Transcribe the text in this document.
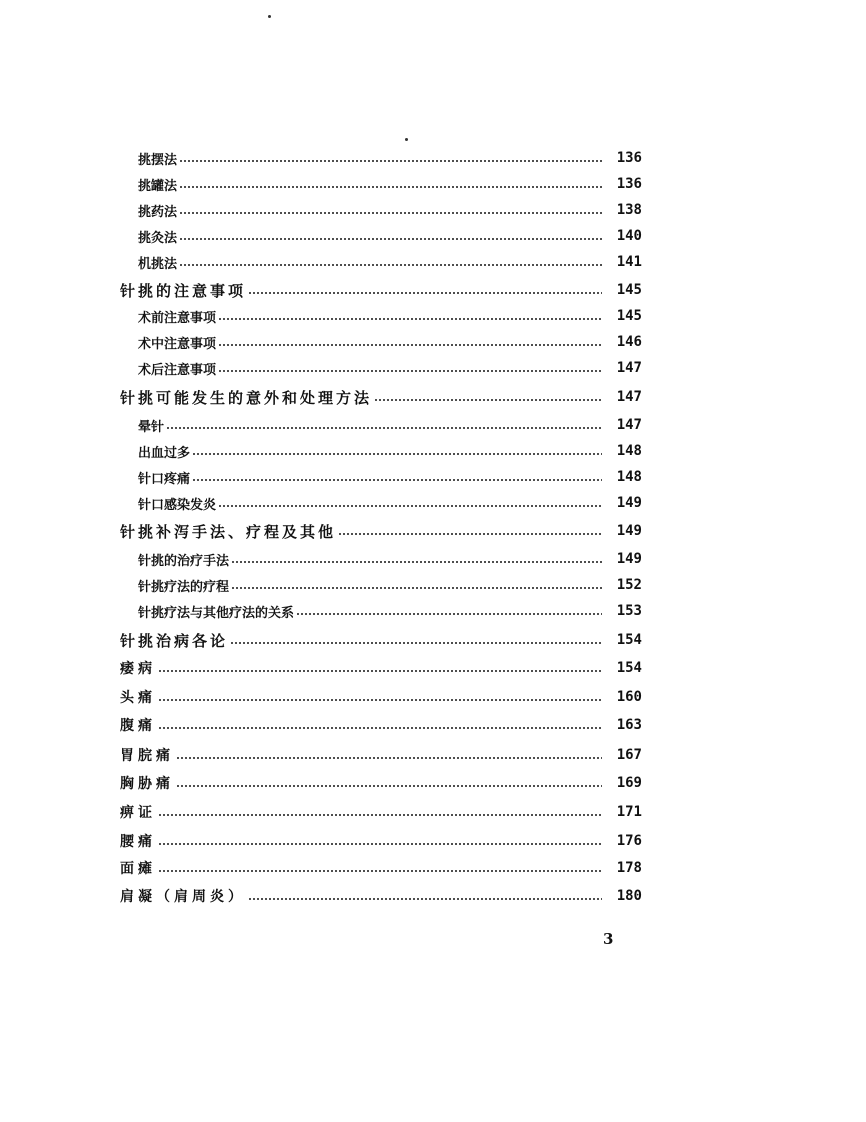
挑摆法	136
挑罐法	136
挑药法	138
挑灸法	140
机挑法	141
针挑的注意事项	145
术前注意事项	145
术中注意事项	146
术后注意事项	147
针挑可能发生的意外和处理方法	147
晕针	147
出血过多	148
针口疼痛	148
针口感染发炎	149
针挑补泻手法、疗程及其他	149
针挑的治疗手法	149
针挑疗法的疗程	152
针挑疗法与其他疗法的关系	153
针挑治病各论	154
痿病	154
头痛	160
腹痛	163
胃脘痛	167
胸胁痛	169
痹证	171
腰痛	176
面瘫	178
肩凝（肩周炎）	180
3
